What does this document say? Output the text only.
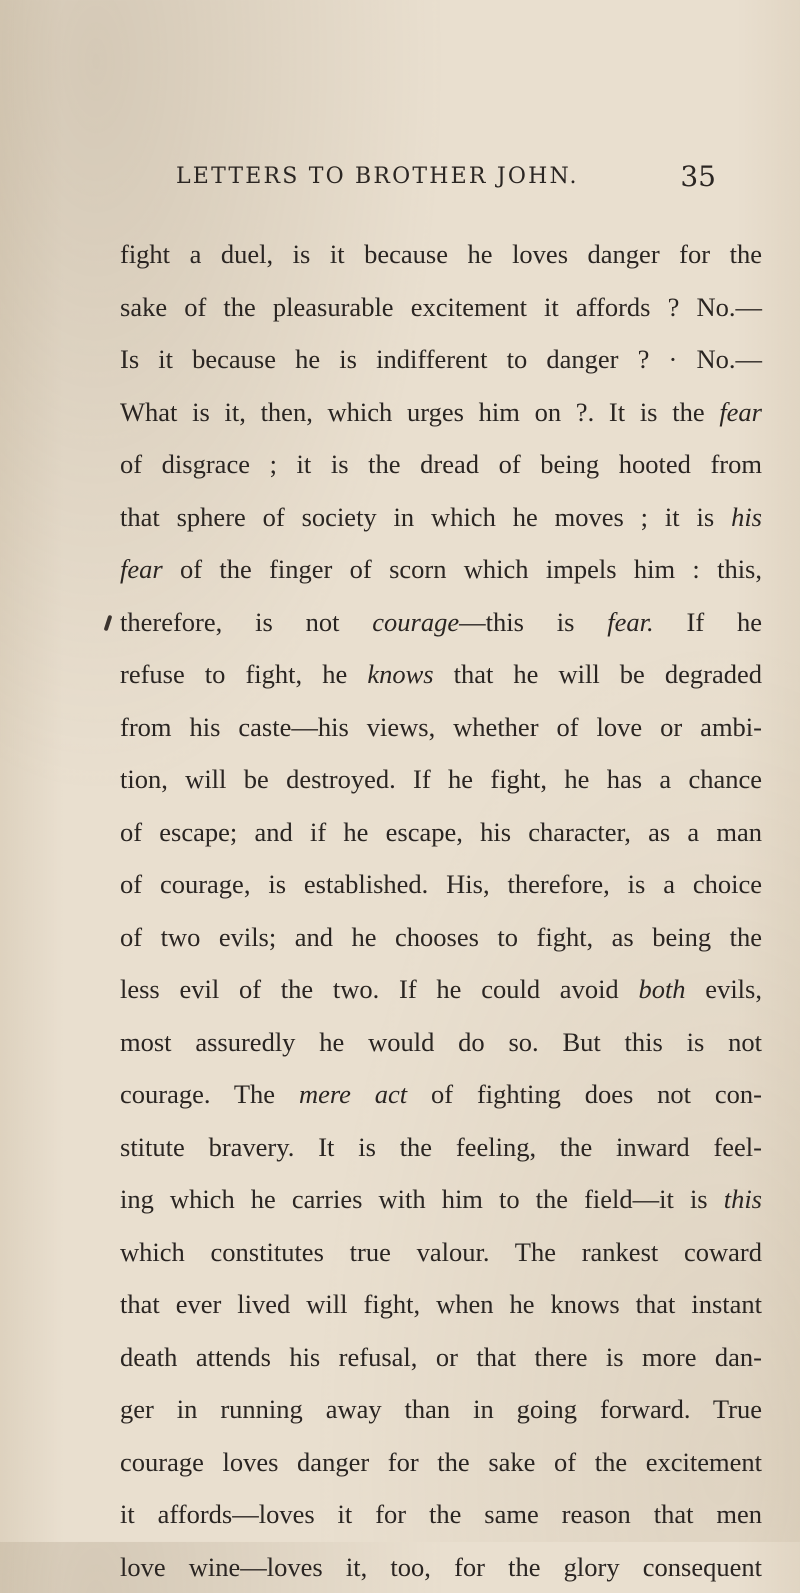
LETTERS TO BROTHER JOHN.	35
fight a duel, is it because he loves danger for the
sake of the pleasurable excitement it affords ? No.—
Is it because he is indifferent to danger ? · No.—
What is it, then, which urges him on ?. It is the fear
of disgrace ; it is the dread of being hooted from
that sphere of society in which he moves ; it is his
fear of the finger of scorn which impels him : this,
therefore, is not courage—this is fear. If he
refuse to fight, he knows that he will be degraded
from his caste—his views, whether of love or ambi-
tion, will be destroyed. If he fight, he has a chance
of escape; and if he escape, his character, as a man
of courage, is established. His, therefore, is a choice
of two evils; and he chooses to fight, as being the
less evil of the two. If he could avoid both evils,
most assuredly he would do so. But this is not
courage. The mere act of fighting does not con-
stitute bravery. It is the feeling, the inward feel-
ing which he carries with him to the field—it is this
which constitutes true valour. The rankest coward
that ever lived will fight, when he knows that instant
death attends his refusal, or that there is more dan-
ger in running away than in going forward. True
courage loves danger for the sake of the excitement
it affords—loves it for the same reason that men
love wine—loves it, too, for the glory consequent
